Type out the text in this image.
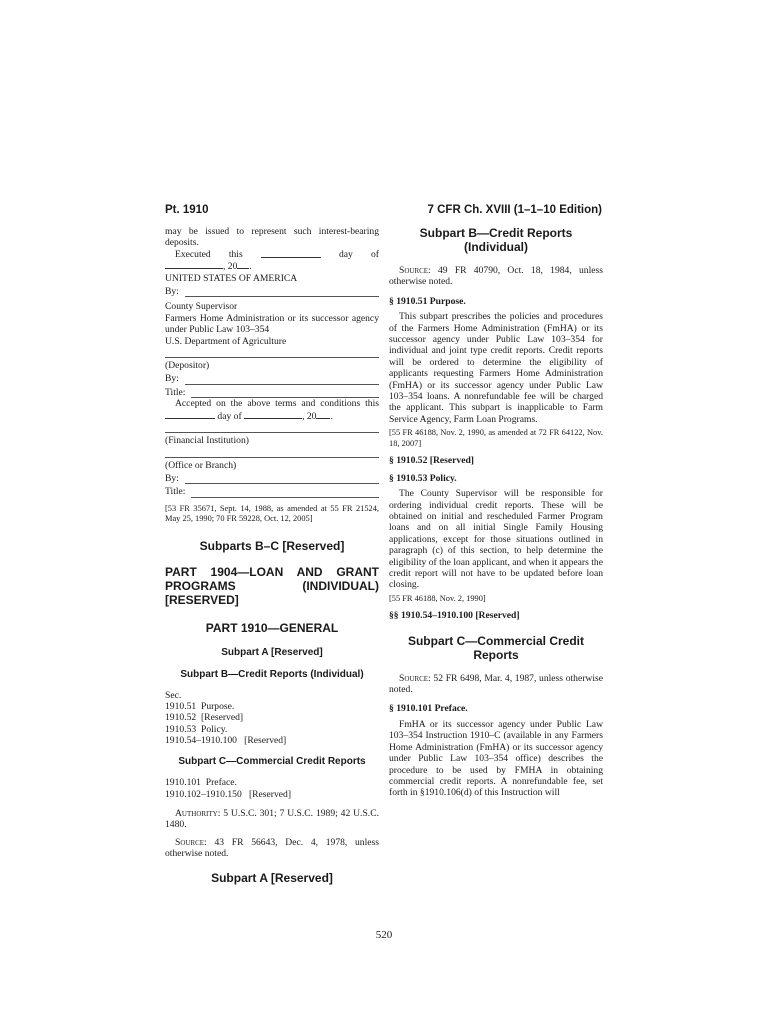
Pt. 1910	7 CFR Ch. XVIII (1–1–10 Edition)

may be issued to represent such interest-bearing deposits.

Executed this	day of

, 20 .

UNITED STATES OF AMERICA

By:

County Supervisor

Farmers Home Administration or its successor agency under Public Law 103–354

U.S. Department of Agriculture

(Depositor)

By:
Title:

Accepted on the above terms and conditions this  day of	, 20 .

(Financial Institution)

(Office or Branch)

By:
Title:

[53 FR 35671, Sept. 14, 1988, as amended at 55 FR 21524, May 25, 1990; 70 FR 59228, Oct. 12, 2005]

Subparts B–C [Reserved]

PART 1904—LOAN AND GRANT PROGRAMS (INDIVIDUAL) [RESERVED]

PART 1910—GENERAL

Subpart A [Reserved]

Subpart B—Credit Reports (Individual)

Sec.

1910.51 Purpose.

1910.52 [Reserved]

1910.53 Policy.

1910.54–1910.100 [Reserved]

Subpart C—Commercial Credit Reports

1910.101 Preface.

1910.102–1910.150 [Reserved]

Authority: 5 U.S.C. 301; 7 U.S.C. 1989; 42 U.S.C. 1480.

Source: 43 FR 56643, Dec. 4, 1978, unless otherwise noted.

Subpart A [Reserved]

Subpart B—Credit Reports (Individual)

Source: 49 FR 40790, Oct. 18, 1984, unless otherwise noted.

§ 1910.51 Purpose.

This subpart prescribes the policies and procedures of the Farmers Home Administration (FmHA) or its successor agency under Public Law 103–354 for individual and joint type credit reports. Credit reports will be ordered to determine the eligibility of applicants requesting Farmers Home Administration (FmHA) or its successor agency under Public Law 103–354 loans. A nonrefundable fee will be charged the applicant. This subpart is inapplicable to Farm Service Agency, Farm Loan Programs.

[55 FR 46188, Nov. 2, 1990, as amended at 72 FR 64122, Nov. 18, 2007]

§ 1910.52 [Reserved]

§ 1910.53 Policy.

The County Supervisor will be responsible for ordering individual credit reports. These will be obtained on initial and rescheduled Farmer Program loans and on all initial Single Family Housing applications, except for those situations outlined in paragraph (c) of this section, to help determine the eligibility of the loan applicant, and when it appears the credit report will not have to be updated before loan closing.

[55 FR 46188, Nov. 2, 1990]

§§ 1910.54–1910.100 [Reserved]

Subpart C—Commercial Credit Reports

Source: 52 FR 6498, Mar. 4, 1987, unless otherwise noted.

§ 1910.101 Preface.

FmHA or its successor agency under Public Law 103–354 Instruction 1910–C (available in any Farmers Home Administration (FmHA) or its successor agency under Public Law 103–354 office) describes the procedure to be used by FMHA in obtaining commercial credit reports. A nonrefundable fee, set forth in §1910.106(d) of this Instruction will

520
